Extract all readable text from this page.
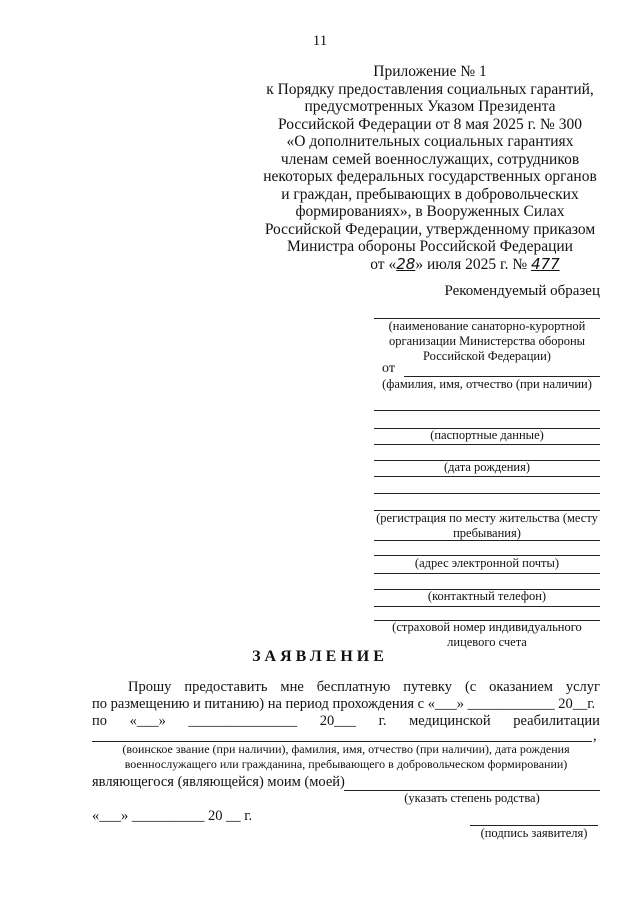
11
Приложение № 1
к Порядку предоставления социальных гарантий,
предусмотренных Указом Президента
Российской Федерации от 8 мая 2025 г. № 300
«О дополнительных социальных гарантиях
членам семей военнослужащих, сотрудников
некоторых федеральных государственных органов
и граждан, пребывающих в добровольческих
формированиях», в Вооруженных Силах
Российской Федерации, утвержденному приказом
Министра обороны Российской Федерации
от «28» июля 2025 г. № 477
Рекомендуемый образец
(наименование санаторно-курортной
организации Министерства обороны
Российской Федерации)
от
(фамилия, имя, отчество (при наличии)
(паспортные данные)
(дата рождения)
(регистрация по месту жительства (месту
пребывания)
(адрес электронной почты)
(контактный телефон)
(страховой номер индивидуального
лицевого счета
ЗАЯВЛЕНИЕ
Прошу предоставить мне бесплатную путевку (с оказанием услуг
по размещению и питанию) на период прохождения с «___» ____________ 20__г.
по «___» _______________ 20___ г. медицинской реабилитации
,
(воинское звание (при наличии), фамилия, имя, отчество (при наличии), дата рождения
военнослужащего или гражданина, пребывающего в добровольческом формировании)
являющегося (являющейся) моим (моей)
(указать степень родства)
«___» __________ 20 __ г.
(подпись заявителя)
